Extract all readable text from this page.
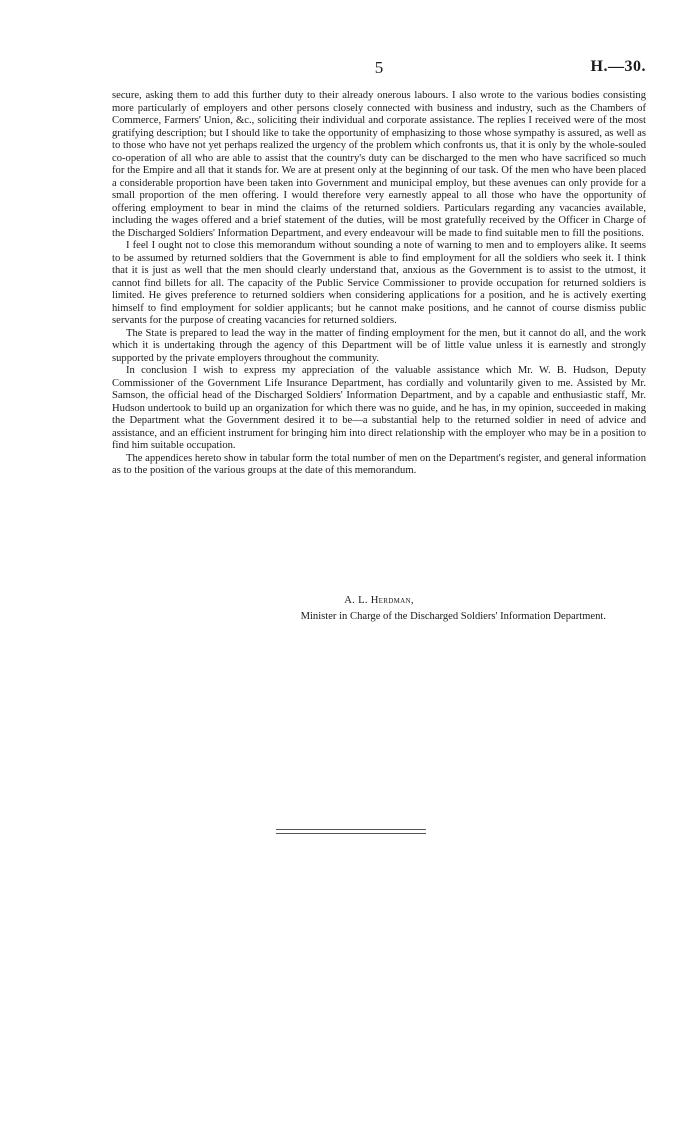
5	H.—30.

secure, asking them to add this further duty to their already onerous labours. I also wrote to the various bodies consisting more particularly of employers and other persons closely connected with business and industry, such as the Chambers of Commerce, Farmers' Union, &c., soliciting their individual and corporate assistance. The replies I received were of the most gratifying description; but I should like to take the opportunity of emphasizing to those whose sympathy is assured, as well as to those who have not yet perhaps realized the urgency of the problem which confronts us, that it is only by the whole-souled co-operation of all who are able to assist that the country's duty can be discharged to the men who have sacrificed so much for the Empire and all that it stands for. We are at present only at the beginning of our task. Of the men who have been placed a considerable proportion have been taken into Government and municipal employ, but these avenues can only provide for a small proportion of the men offering. I would therefore very earnestly appeal to all those who have the opportunity of offering employment to bear in mind the claims of the returned soldiers. Particulars regarding any vacancies available, including the wages offered and a brief statement of the duties, will be most gratefully received by the Officer in Charge of the Discharged Soldiers' Information Department, and every endeavour will be made to find suitable men to fill the positions.

I feel I ought not to close this memorandum without sounding a note of warning to men and to employers alike. It seems to be assumed by returned soldiers that the Government is able to find employment for all the soldiers who seek it. I think that it is just as well that the men should clearly understand that, anxious as the Government is to assist to the utmost, it cannot find billets for all. The capacity of the Public Service Commissioner to provide occupation for returned soldiers is limited. He gives preference to returned soldiers when considering applications for a position, and he is actively exerting himself to find employment for soldier applicants; but he cannot make positions, and he cannot of course dismiss public servants for the purpose of creating vacancies for returned soldiers.

The State is prepared to lead the way in the matter of finding employment for the men, but it cannot do all, and the work which it is undertaking through the agency of this Department will be of little value unless it is earnestly and strongly supported by the private employers throughout the community.

In conclusion I wish to express my appreciation of the valuable assistance which Mr. W. B. Hudson, Deputy Commissioner of the Government Life Insurance Department, has cordially and voluntarily given to me. Assisted by Mr. Samson, the official head of the Discharged Soldiers' Information Department, and by a capable and enthusiastic staff, Mr. Hudson undertook to build up an organization for which there was no guide, and he has, in my opinion, succeeded in making the Department what the Government desired it to be—a substantial help to the returned soldier in need of advice and assistance, and an efficient instrument for bringing him into direct relationship with the employer who may be in a position to find him suitable occupation.

The appendices hereto show in tabular form the total number of men on the Department's register, and general information as to the position of the various groups at the date of this memorandum.

A. L. Herdman,
Minister in Charge of the Discharged Soldiers' Information Department.
